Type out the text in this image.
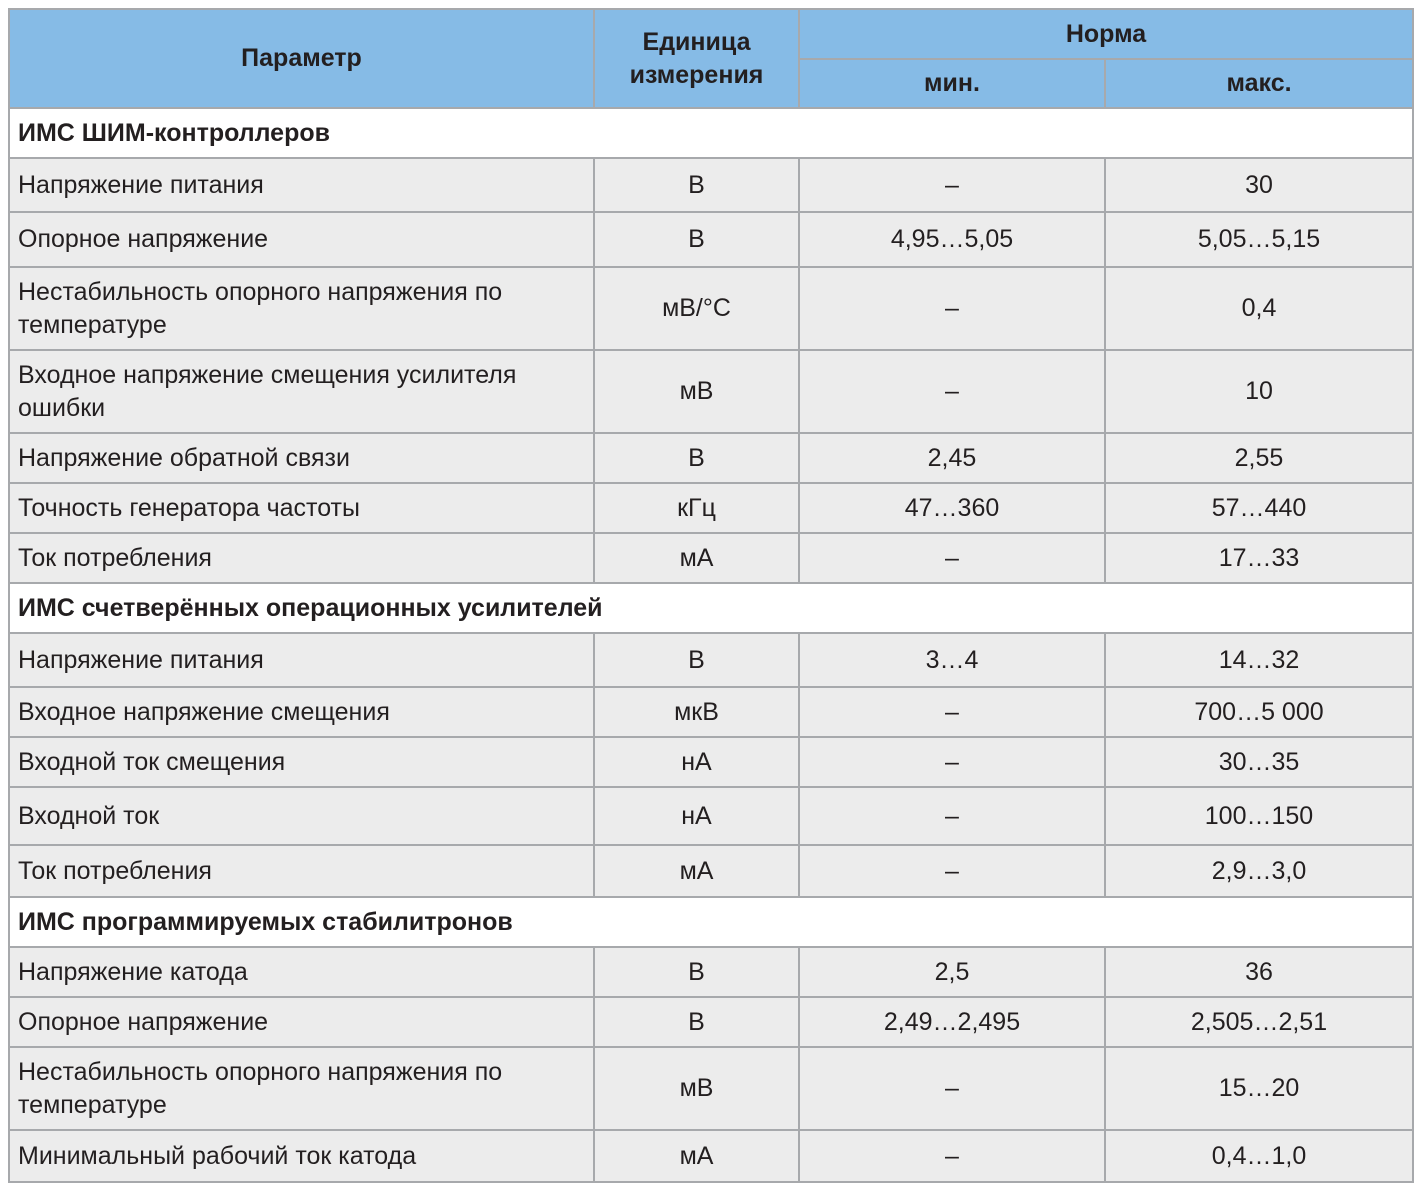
Параметр	Единица измерения	Норма	
		мин.	макс.
ИМС ШИМ-контроллеров			
Напряжение питания	В	–	30
Опорное напряжение	В	4,95…5,05	5,05…5,15
Нестабильность опорного напряжения по температуре	мВ/°С	–	0,4
Входное напряжение смещения усилителя ошибки	мВ	–	10
Напряжение обратной связи	В	2,45	2,55
Точность генератора частоты	кГц	47…360	57…440
Ток потребления	мА	–	17…33
ИМС счетверённых операционных усилителей			
Напряжение питания	В	3…4	14…32
Входное напряжение смещения	мкВ	–	700…5 000
Входной ток смещения	нА	–	30…35
Входной ток	нА	–	100…150
Ток потребления	мА	–	2,9…3,0
ИМС программируемых стабилитронов			
Напряжение катода	В	2,5	36
Опорное напряжение	В	2,49…2,495	2,505…2,51
Нестабильность опорного напряжения по температуре	мВ	–	15…20
Минимальный рабочий ток катода	мА	–	0,4…1,0
